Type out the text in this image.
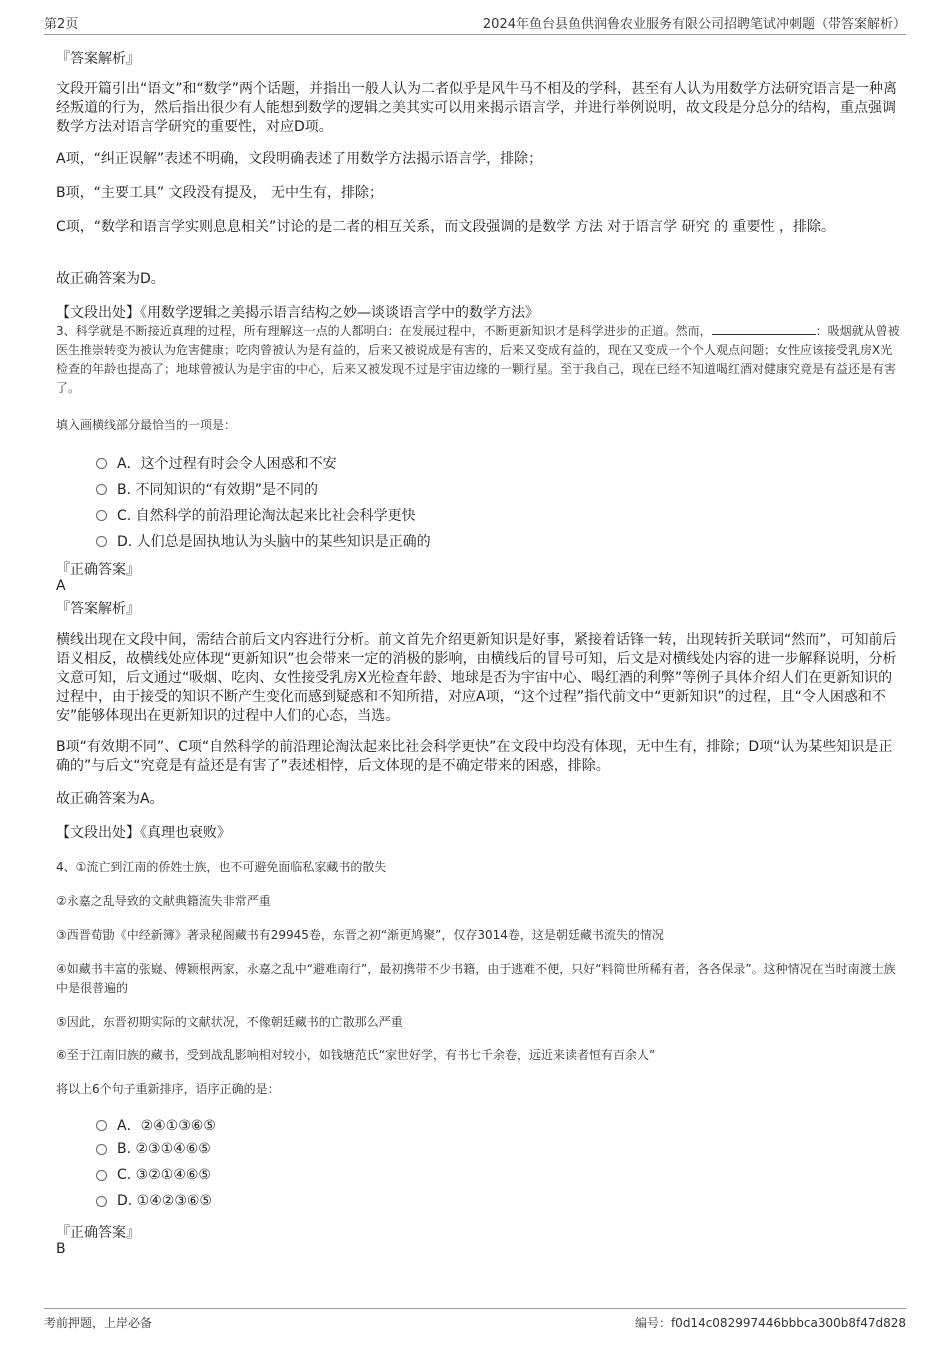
第2页	2024年鱼台县鱼供润鲁农业服务有限公司招聘笔试冲刺题（带答案解析）
『答案解析』
文段开篇引出“语文”和“数学”两个话题，并指出一般人认为二者似乎是风牛马不相及的学科，甚至有人认为用数学方法研究语言是一种离经叛道的行为，然后指出很少有人能想到数学的逻辑之美其实可以用来揭示语言学，并进行举例说明，故文段是分总分的结构，重点强调数学方法对语言学研究的重要性，对应D项。
A项，“纠正误解”表述不明确，文段明确表述了用数学方法揭示语言学，排除；
B项，“主要工具” 文段没有提及， 无中生有，排除；
C项，“数学和语言学实则息息相关”讨论的是二者的相互关系，而文段强调的是数学 方法 对于语言学 研究 的 重要性 ，排除。
故正确答案为D。
【文段出处】《用数学逻辑之美揭示语言结构之妙—谈谈语言学中的数学方法》
3、科学就是不断接近真理的过程，所有理解这一点的人都明白：在发展过程中，不断更新知识才是科学进步的正道。然而，	：吸烟就从曾被医生推崇转变为被认为危害健康；吃肉曾被认为是有益的，后来又被说成是有害的，后来又变成有益的，现在又变成一个个人观点问题；女性应该接受乳房X光检查的年龄也提高了；地球曾被认为是宇宙的中心，后来又被发现不过是宇宙边缘的一颗行星。至于我自己，现在已经不知道喝红酒对健康究竟是有益还是有害了。
填入画横线部分最恰当的一项是：
A．这个过程有时会令人困惑和不安
B. 不同知识的“有效期”是不同的
C. 自然科学的前沿理论淘汰起来比社会科学更快
D. 人们总是固执地认为头脑中的某些知识是正确的
『正确答案』
A
『答案解析』
横线出现在文段中间，需结合前后文内容进行分析。前文首先介绍更新知识是好事，紧接着话锋一转，出现转折关联词“然而”，可知前后语义相反，故横线处应体现“更新知识”也会带来一定的消极的影响，由横线后的冒号可知，后文是对横线处内容的进一步解释说明，分析文意可知，后文通过“吸烟、吃肉、女性接受乳房X光检查年龄、地球是否为宇宙中心、喝红酒的利弊”等例子具体介绍人们在更新知识的过程中，由于接受的知识不断产生变化而感到疑惑和不知所措，对应A项，“这个过程”指代前文中“更新知识”的过程，且“令人困惑和不安”能够体现出在更新知识的过程中人们的心态，当选。
B项“有效期不同”、C项“自然科学的前沿理论淘汰起来比社会科学更快”在文段中均没有体现，无中生有，排除；D项“认为某些知识是正确的”与后文“究竟是有益还是有害了”表述相悖，后文体现的是不确定带来的困惑，排除。
故正确答案为A。
【文段出处】《真理也衰败》
4、①流亡到江南的侨姓士族，也不可避免面临私家藏书的散失
②永嘉之乱导致的文献典籍流失非常严重
③西晋荀勖《中经新簿》著录秘阁藏书有29945卷，东晋之初“渐更鸠聚”，仅存3014卷，这是朝廷藏书流失的情况
④如藏书丰富的张嶷、傅颖根两家，永嘉之乱中“避难南行”，最初携带不少书籍，由于逃难不便，只好“料简世所稀有者，各各保录”。这种情况在当时南渡士族中是很普遍的
⑤因此，东晋初期实际的文献状况，不像朝廷藏书的亡散那么严重
⑥至于江南旧族的藏书，受到战乱影响相对较小，如钱塘范氏“家世好学，有书七千余卷，远近来读者恒有百余人”
将以上6个句子重新排序，语序正确的是：
A．②④①③⑥⑤
B. ②③①④⑥⑤
C. ③②①④⑥⑤
D. ①④②③⑥⑤
『正确答案』
B
考前押题，上岸必备	编号：f0d14c082997446bbbca300b8f47d828
